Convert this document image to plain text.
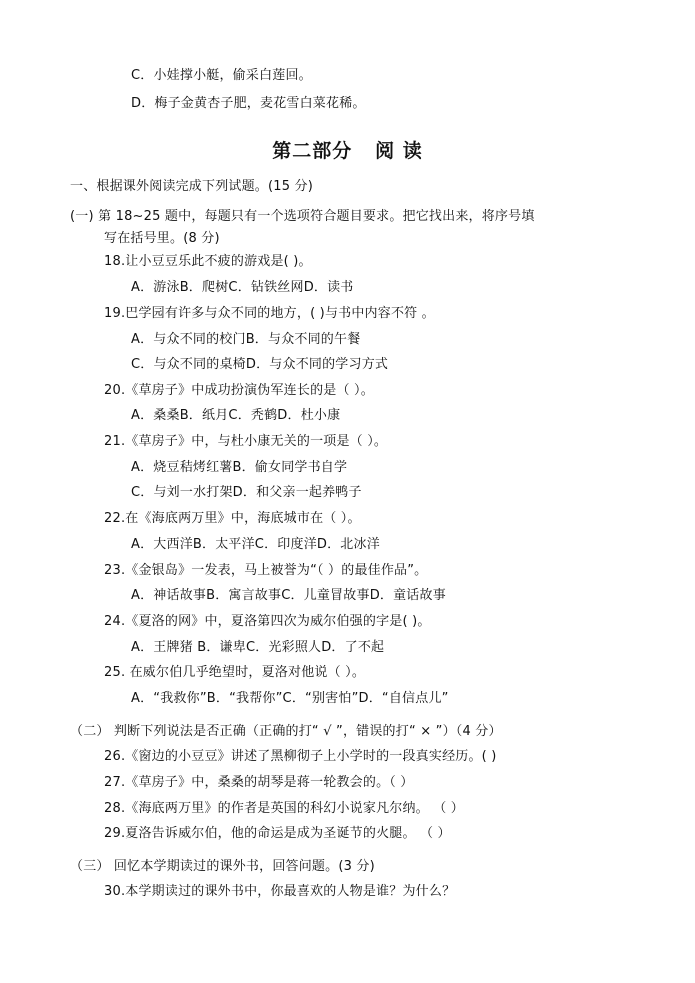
C．小娃撑小艇，偷采白莲回。
D．梅子金黄杏子肥，麦花雪白菜花稀。
第二部分   阅 读
一、根据课外阅读完成下列试题。(15 分)
(一) 第 18~25 题中，每题只有一个选项符合题目要求。把它找出来，将序号填
写在括号里。(8 分)
18.让小豆豆乐此不疲的游戏是( )。
A．游泳B．爬树C．钻铁丝网D．读书
19.巴学园有许多与众不同的地方，( )与书中内容不符 。
A．与众不同的校门B．与众不同的午餐
C．与众不同的桌椅D．与众不同的学习方式
20.《草房子》中成功扮演伪军连长的是（ ）。
A．桑桑B．纸月C．秃鹤D．杜小康
21.《草房子》中，与杜小康无关的一项是（ ）。
A．烧豆秸烤红薯B．偷女同学书自学
C．与刘一水打架D．和父亲一起养鸭子
22.在《海底两万里》中，海底城市在（ ）。
A．大西洋B．太平洋C．印度洋D．北冰洋
23.《金银岛》一发表，马上被誉为“（ ）的最佳作品”。
A．神话故事B．寓言故事C．儿童冒故事D．童话故事
24.《夏洛的网》中，夏洛第四次为威尔伯强的字是( )。
A．王牌猪 B．谦卑C．光彩照人D．了不起
25. 在威尔伯几乎绝望时，夏洛对他说（ ）。
A．“我救你”B．“我帮你”C．“别害怕”D．“自信点儿”
（二） 判断下列说法是否正确（正确的打“ √ ”，错误的打“ × ”）（4 分）
26.《窗边的小豆豆》讲述了黑柳彻子上小学时的一段真实经历。( )
27.《草房子》中，桑桑的胡琴是蒋一轮教会的。（ ）
28.《海底两万里》的作者是英国的科幻小说家凡尔纳。 （ ）
29.夏洛告诉威尔伯，他的命运是成为圣诞节的火腿。 （ ）
（三） 回忆本学期读过的课外书，回答问题。(3 分)
30.本学期读过的课外书中，你最喜欢的人物是谁？为什么？
